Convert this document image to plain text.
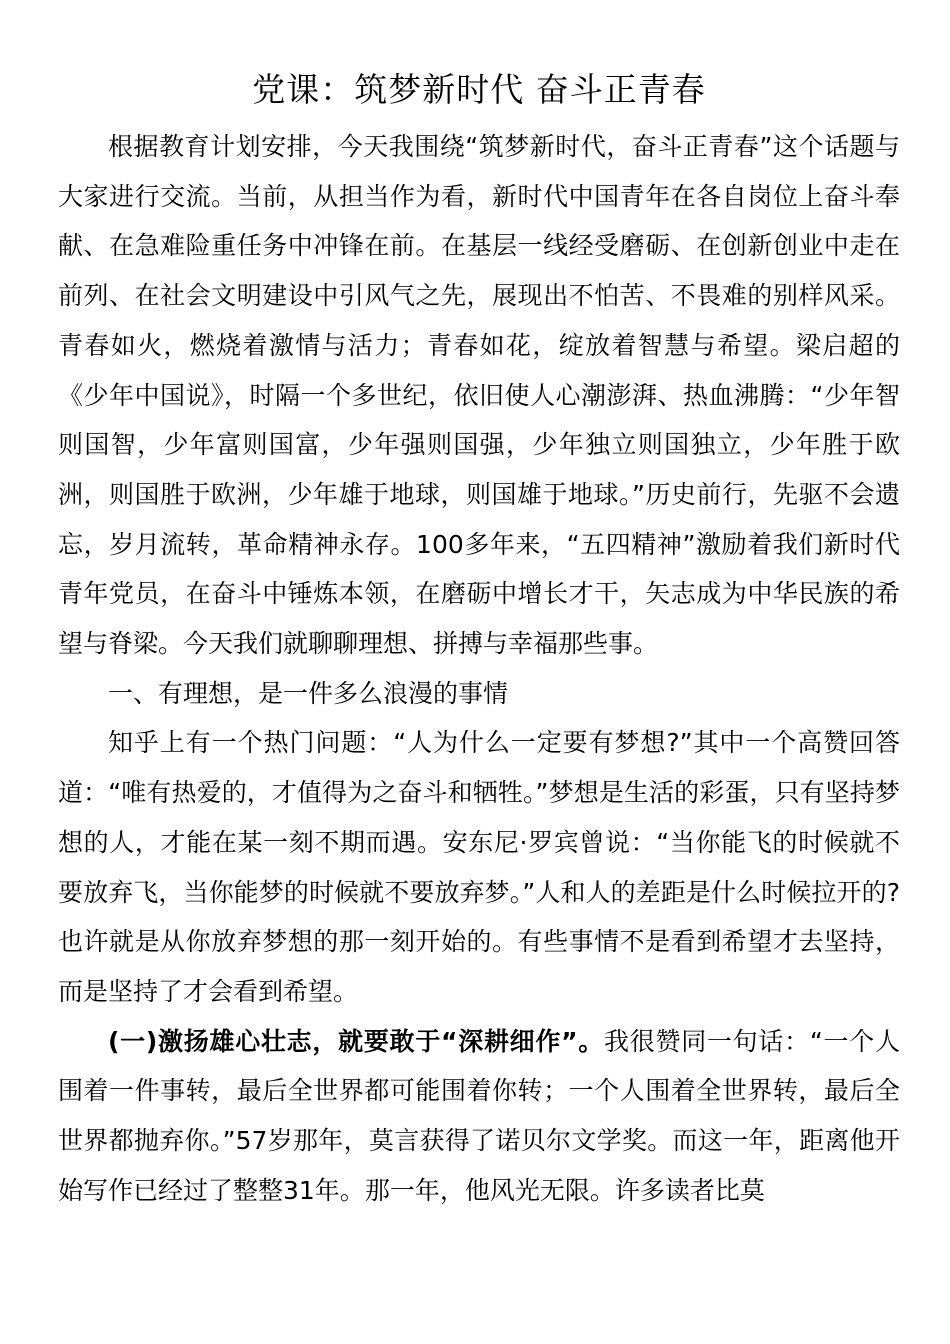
党课：筑梦新时代 奋斗正青春

根据教育计划安排，今天我围绕“筑梦新时代，奋斗正青春”这个话题与大家进行交流。当前，从担当作为看，新时代中国青年在各自岗位上奋斗奉献、在急难险重任务中冲锋在前。在基层一线经受磨砺、在创新创业中走在前列、在社会文明建设中引风气之先，展现出不怕苦、不畏难的别样风采。青春如火，燃烧着激情与活力；青春如花，绽放着智慧与希望。梁启超的《少年中国说》，时隔一个多世纪，依旧使人心潮澎湃、热血沸腾：“少年智则国智，少年富则国富，少年强则国强，少年独立则国独立，少年胜于欧洲，则国胜于欧洲，少年雄于地球，则国雄于地球。”历史前行，先驱不会遗忘，岁月流转，革命精神永存。100多年来，“五四精神”激励着我们新时代青年党员，在奋斗中锤炼本领，在磨砺中增长才干，矢志成为中华民族的希望与脊梁。今天我们就聊聊理想、拼搏与幸福那些事。

一、有理想，是一件多么浪漫的事情

知乎上有一个热门问题：“人为什么一定要有梦想?”其中一个高赞回答道：“唯有热爱的，才值得为之奋斗和牺牲。”梦想是生活的彩蛋，只有坚持梦想的人，才能在某一刻不期而遇。安东尼·罗宾曾说：“当你能飞的时候就不要放弃飞，当你能梦的时候就不要放弃梦。”人和人的差距是什么时候拉开的?也许就是从你放弃梦想的那一刻开始的。有些事情不是看到希望才去坚持，而是坚持了才会看到希望。

(一)激扬雄心壮志，就要敢于“深耕细作”。我很赞同一句话：“一个人围着一件事转，最后全世界都可能围着你转；一个人围着全世界转，最后全世界都抛弃你。”57岁那年，莫言获得了诺贝尔文学奖。而这一年，距离他开始写作已经过了整整31年。那一年，他风光无限。许多读者比莫
